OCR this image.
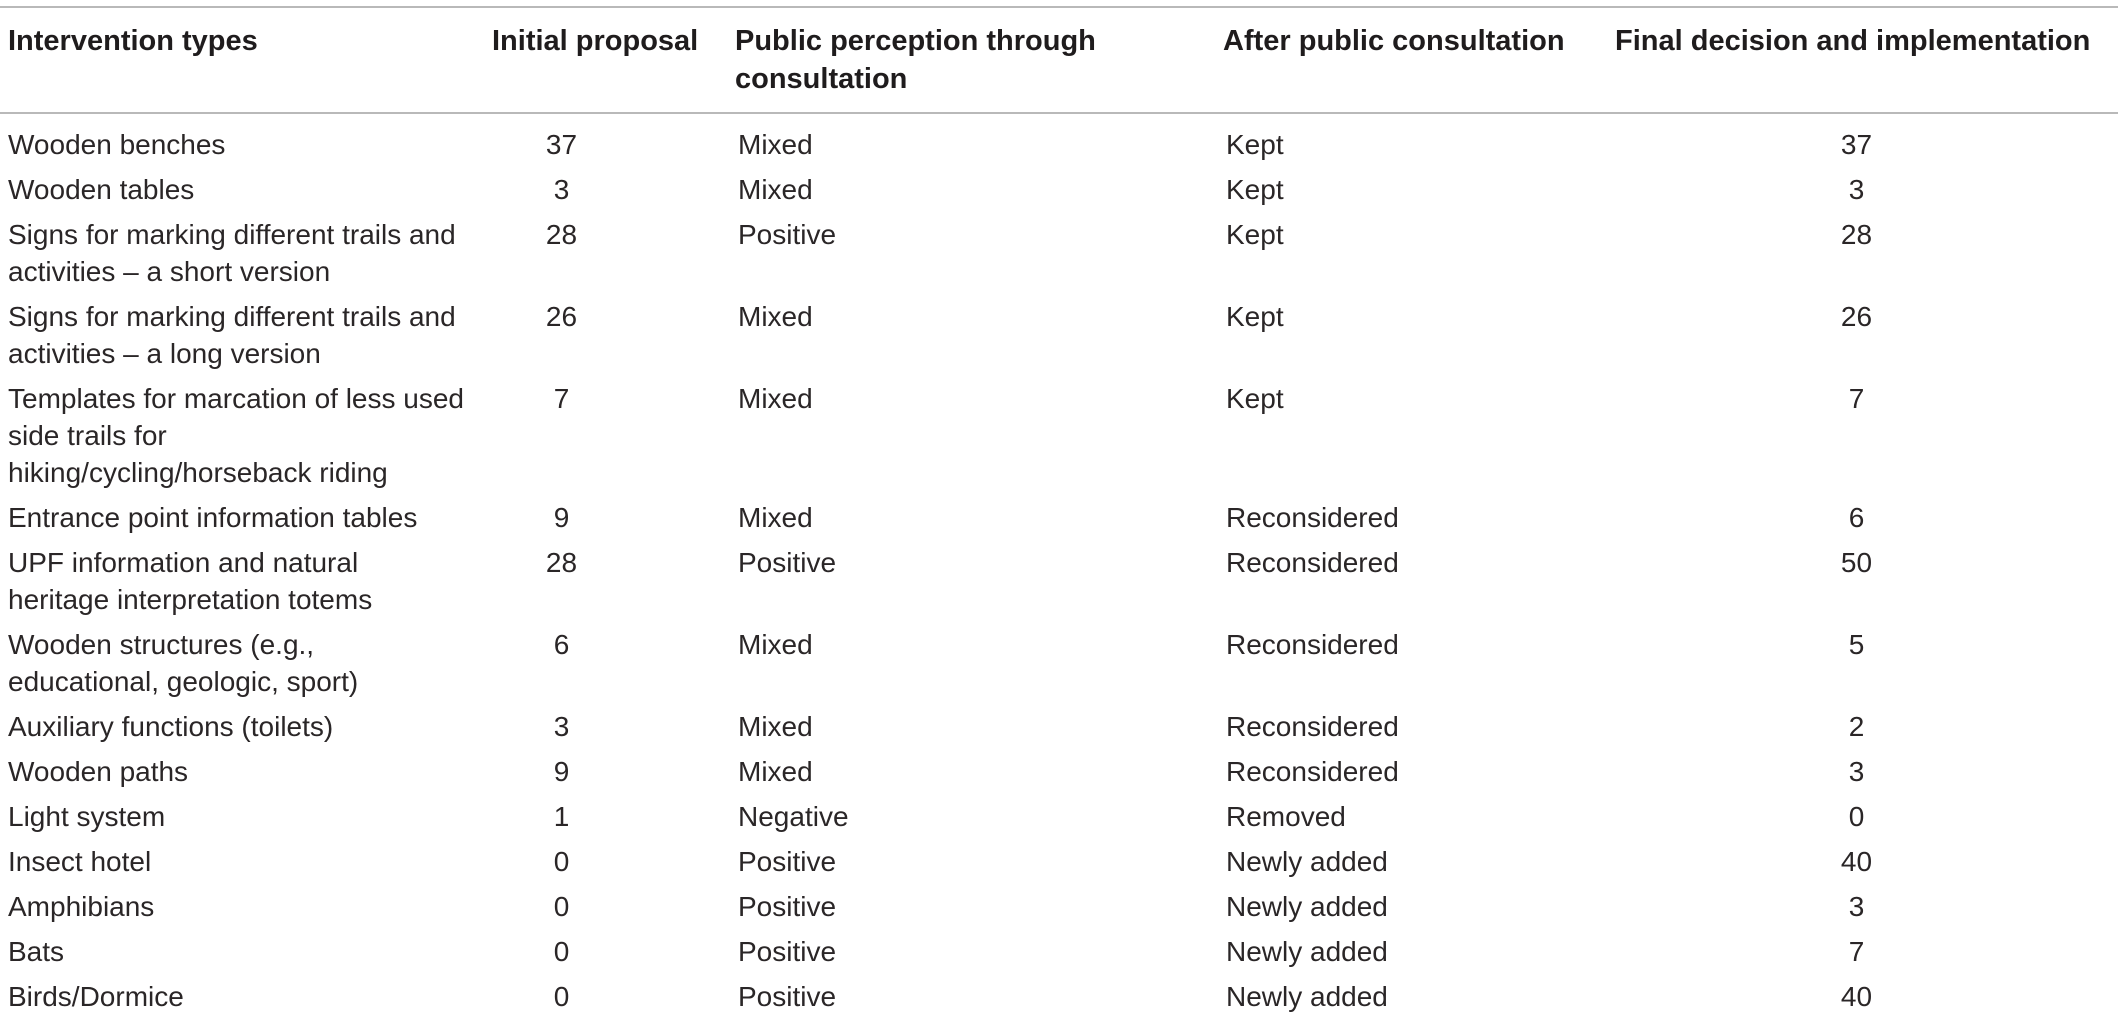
Intervention types	Initial proposal	Public perception through consultation	After public consultation	Final decision and implementation
Wooden benches	37	Mixed	Kept	37
Wooden tables	3	Mixed	Kept	3
Signs for marking different trails and activities – a short version	28	Positive	Kept	28
Signs for marking different trails and activities – a long version	26	Mixed	Kept	26
Templates for marcation of less used side trails for hiking/cycling/horseback riding	7	Mixed	Kept	7
Entrance point information tables	9	Mixed	Reconsidered	6
UPF information and natural heritage interpretation totems	28	Positive	Reconsidered	50
Wooden structures (e.g., educational, geologic, sport)	6	Mixed	Reconsidered	5
Auxiliary functions (toilets)	3	Mixed	Reconsidered	2
Wooden paths	9	Mixed	Reconsidered	3
Light system	1	Negative	Removed	0
Insect hotel	0	Positive	Newly added	40
Amphibians	0	Positive	Newly added	3
Bats	0	Positive	Newly added	7
Birds/Dormice	0	Positive	Newly added	40
